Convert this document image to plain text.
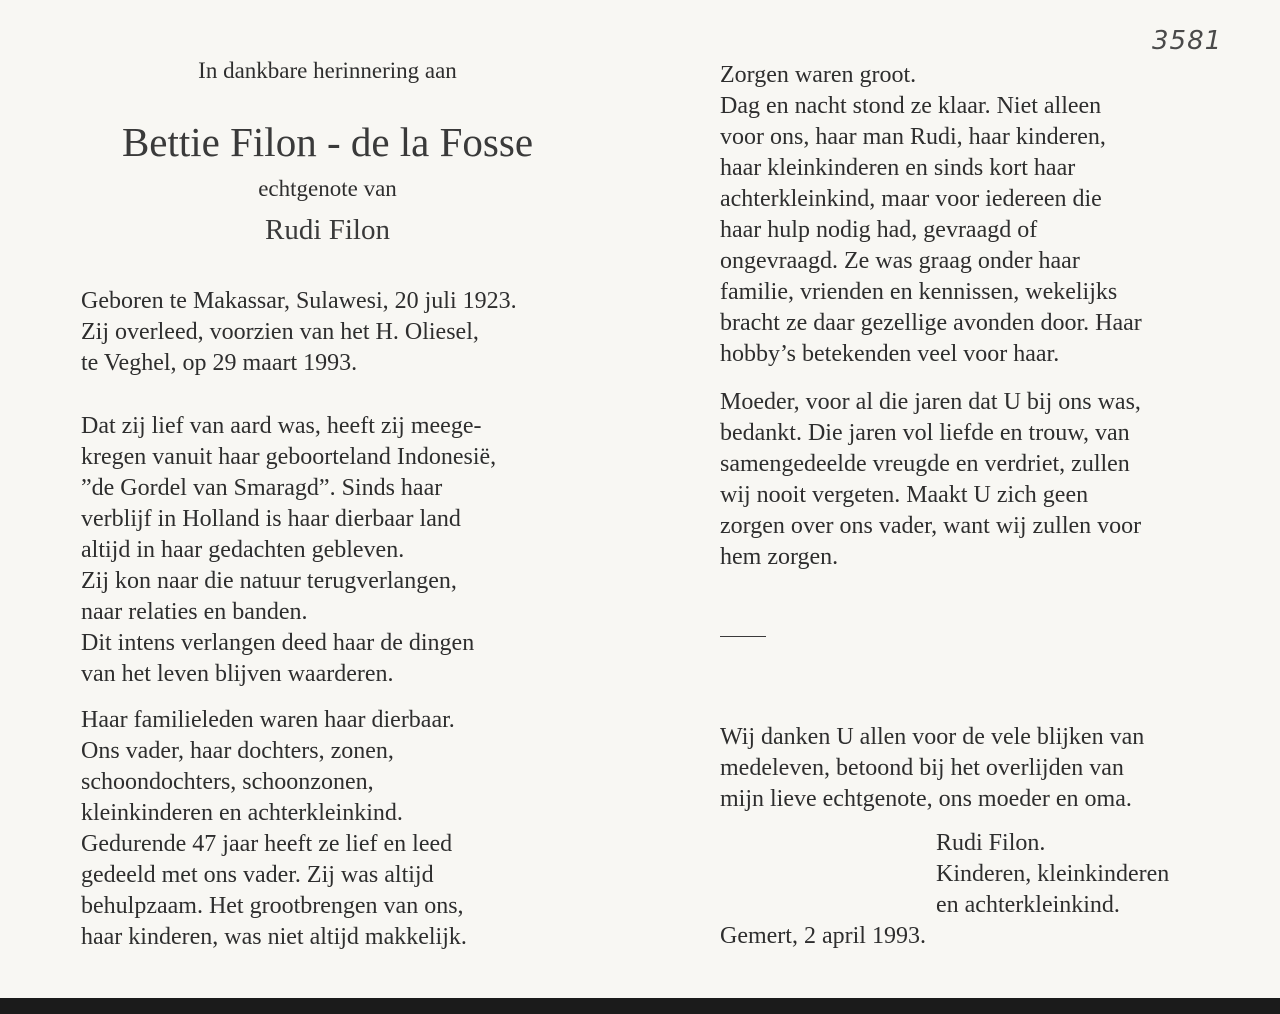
3581
In dankbare herinnering aan
Bettie Filon - de la Fosse
echtgenote van
Rudi Filon
Geboren te Makassar, Sulawesi, 20 juli 1923.
Zij overleed, voorzien van het H. Oliesel,
te Veghel, op 29 maart 1993.
Dat zij lief van aard was, heeft zij meege-
kregen vanuit haar geboorteland Indonesië,
”de Gordel van Smaragd”. Sinds haar
verblijf in Holland is haar dierbaar land
altijd in haar gedachten gebleven.
Zij kon naar die natuur terugverlangen,
naar relaties en banden.
Dit intens verlangen deed haar de dingen
van het leven blijven waarderen.
Haar familieleden waren haar dierbaar.
Ons vader, haar dochters, zonen,
schoondochters, schoonzonen,
kleinkinderen en achterkleinkind.
Gedurende 47 jaar heeft ze lief en leed
gedeeld met ons vader. Zij was altijd
behulpzaam. Het grootbrengen van ons,
haar kinderen, was niet altijd makkelijk.
Zorgen waren groot.
Dag en nacht stond ze klaar. Niet alleen
voor ons, haar man Rudi, haar kinderen,
haar kleinkinderen en sinds kort haar
achterkleinkind, maar voor iedereen die
haar hulp nodig had, gevraagd of
ongevraagd. Ze was graag onder haar
familie, vrienden en kennissen, wekelijks
bracht ze daar gezellige avonden door. Haar
hobby’s betekenden veel voor haar.
Moeder, voor al die jaren dat U bij ons was,
bedankt. Die jaren vol liefde en trouw, van
samengedeelde vreugde en verdriet, zullen
wij nooit vergeten. Maakt U zich geen
zorgen over ons vader, want wij zullen voor
hem zorgen.
Wij danken U allen voor de vele blijken van
medeleven, betoond bij het overlijden van
mijn lieve echtgenote, ons moeder en oma.
Rudi Filon.
Kinderen, kleinkinderen
en achterkleinkind.
Gemert, 2 april 1993.
